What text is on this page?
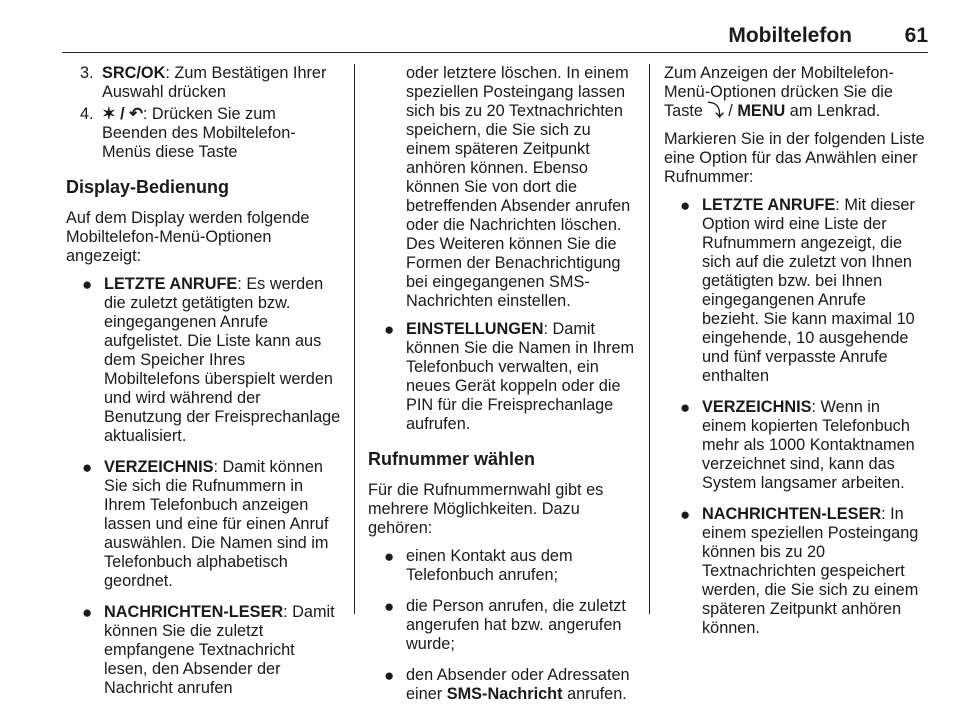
Mobiltelefon	61
3. SRC/OK: Zum Bestätigen Ihrer Auswahl drücken
4. ✶ / ↶: Drücken Sie zum Beenden des Mobiltelefon-Menüs diese Taste
Display-Bedienung

Auf dem Display werden folgende Mobiltelefon-Menü-Optionen angezeigt:

● LETZTE ANRUFE: Es werden die zuletzt getätigten bzw. eingegangenen Anrufe aufgelistet. Die Liste kann aus dem Speicher Ihres Mobiltelefons überspielt werden und wird während der Benutzung der Freisprechanlage aktualisiert.
● VERZEICHNIS: Damit können Sie sich die Rufnummern in Ihrem Telefonbuch anzeigen lassen und eine für einen Anruf auswählen. Die Namen sind im Telefonbuch alphabetisch geordnet.
● NACHRICHTEN-LESER: Damit können Sie die zuletzt empfangene Textnachricht lesen, den Absender der Nachricht anrufen

oder letztere löschen. In einem speziellen Posteingang lassen sich bis zu 20 Textnachrichten speichern, die Sie sich zu einem späteren Zeitpunkt anhören können. Ebenso können Sie von dort die betreffenden Absender anrufen oder die Nachrichten löschen. Des Weiteren können Sie die Formen der Benachrichtigung bei eingegangenen SMS-Nachrichten einstellen.

● EINSTELLUNGEN: Damit können Sie die Namen in Ihrem Telefonbuch verwalten, ein neues Gerät koppeln oder die PIN für die Freisprechanlage aufrufen.
Rufnummer wählen

Für die Rufnummernwahl gibt es mehrere Möglichkeiten. Dazu gehören:

● einen Kontakt aus dem Telefonbuch anrufen;
● die Person anrufen, die zuletzt angerufen hat bzw. angerufen wurde;
● den Absender oder Adressaten einer SMS-Nachricht anrufen.

Zum Anzeigen der Mobiltelefon-Menü-Optionen drücken Sie die Taste ⤵ / MENU am Lenkrad.

Markieren Sie in der folgenden Liste eine Option für das Anwählen einer Rufnummer:

● LETZTE ANRUFE: Mit dieser Option wird eine Liste der Rufnummern angezeigt, die sich auf die zuletzt von Ihnen getätigten bzw. bei Ihnen eingegangenen Anrufe bezieht. Sie kann maximal 10 eingehende, 10 ausgehende und fünf verpasste Anrufe enthalten
● VERZEICHNIS: Wenn in einem kopierten Telefonbuch mehr als 1000 Kontaktnamen verzeichnet sind, kann das System langsamer arbeiten.
● NACHRICHTEN-LESER: In einem speziellen Posteingang können bis zu 20 Textnachrichten gespeichert werden, die Sie sich zu einem späteren Zeitpunkt anhören können.
